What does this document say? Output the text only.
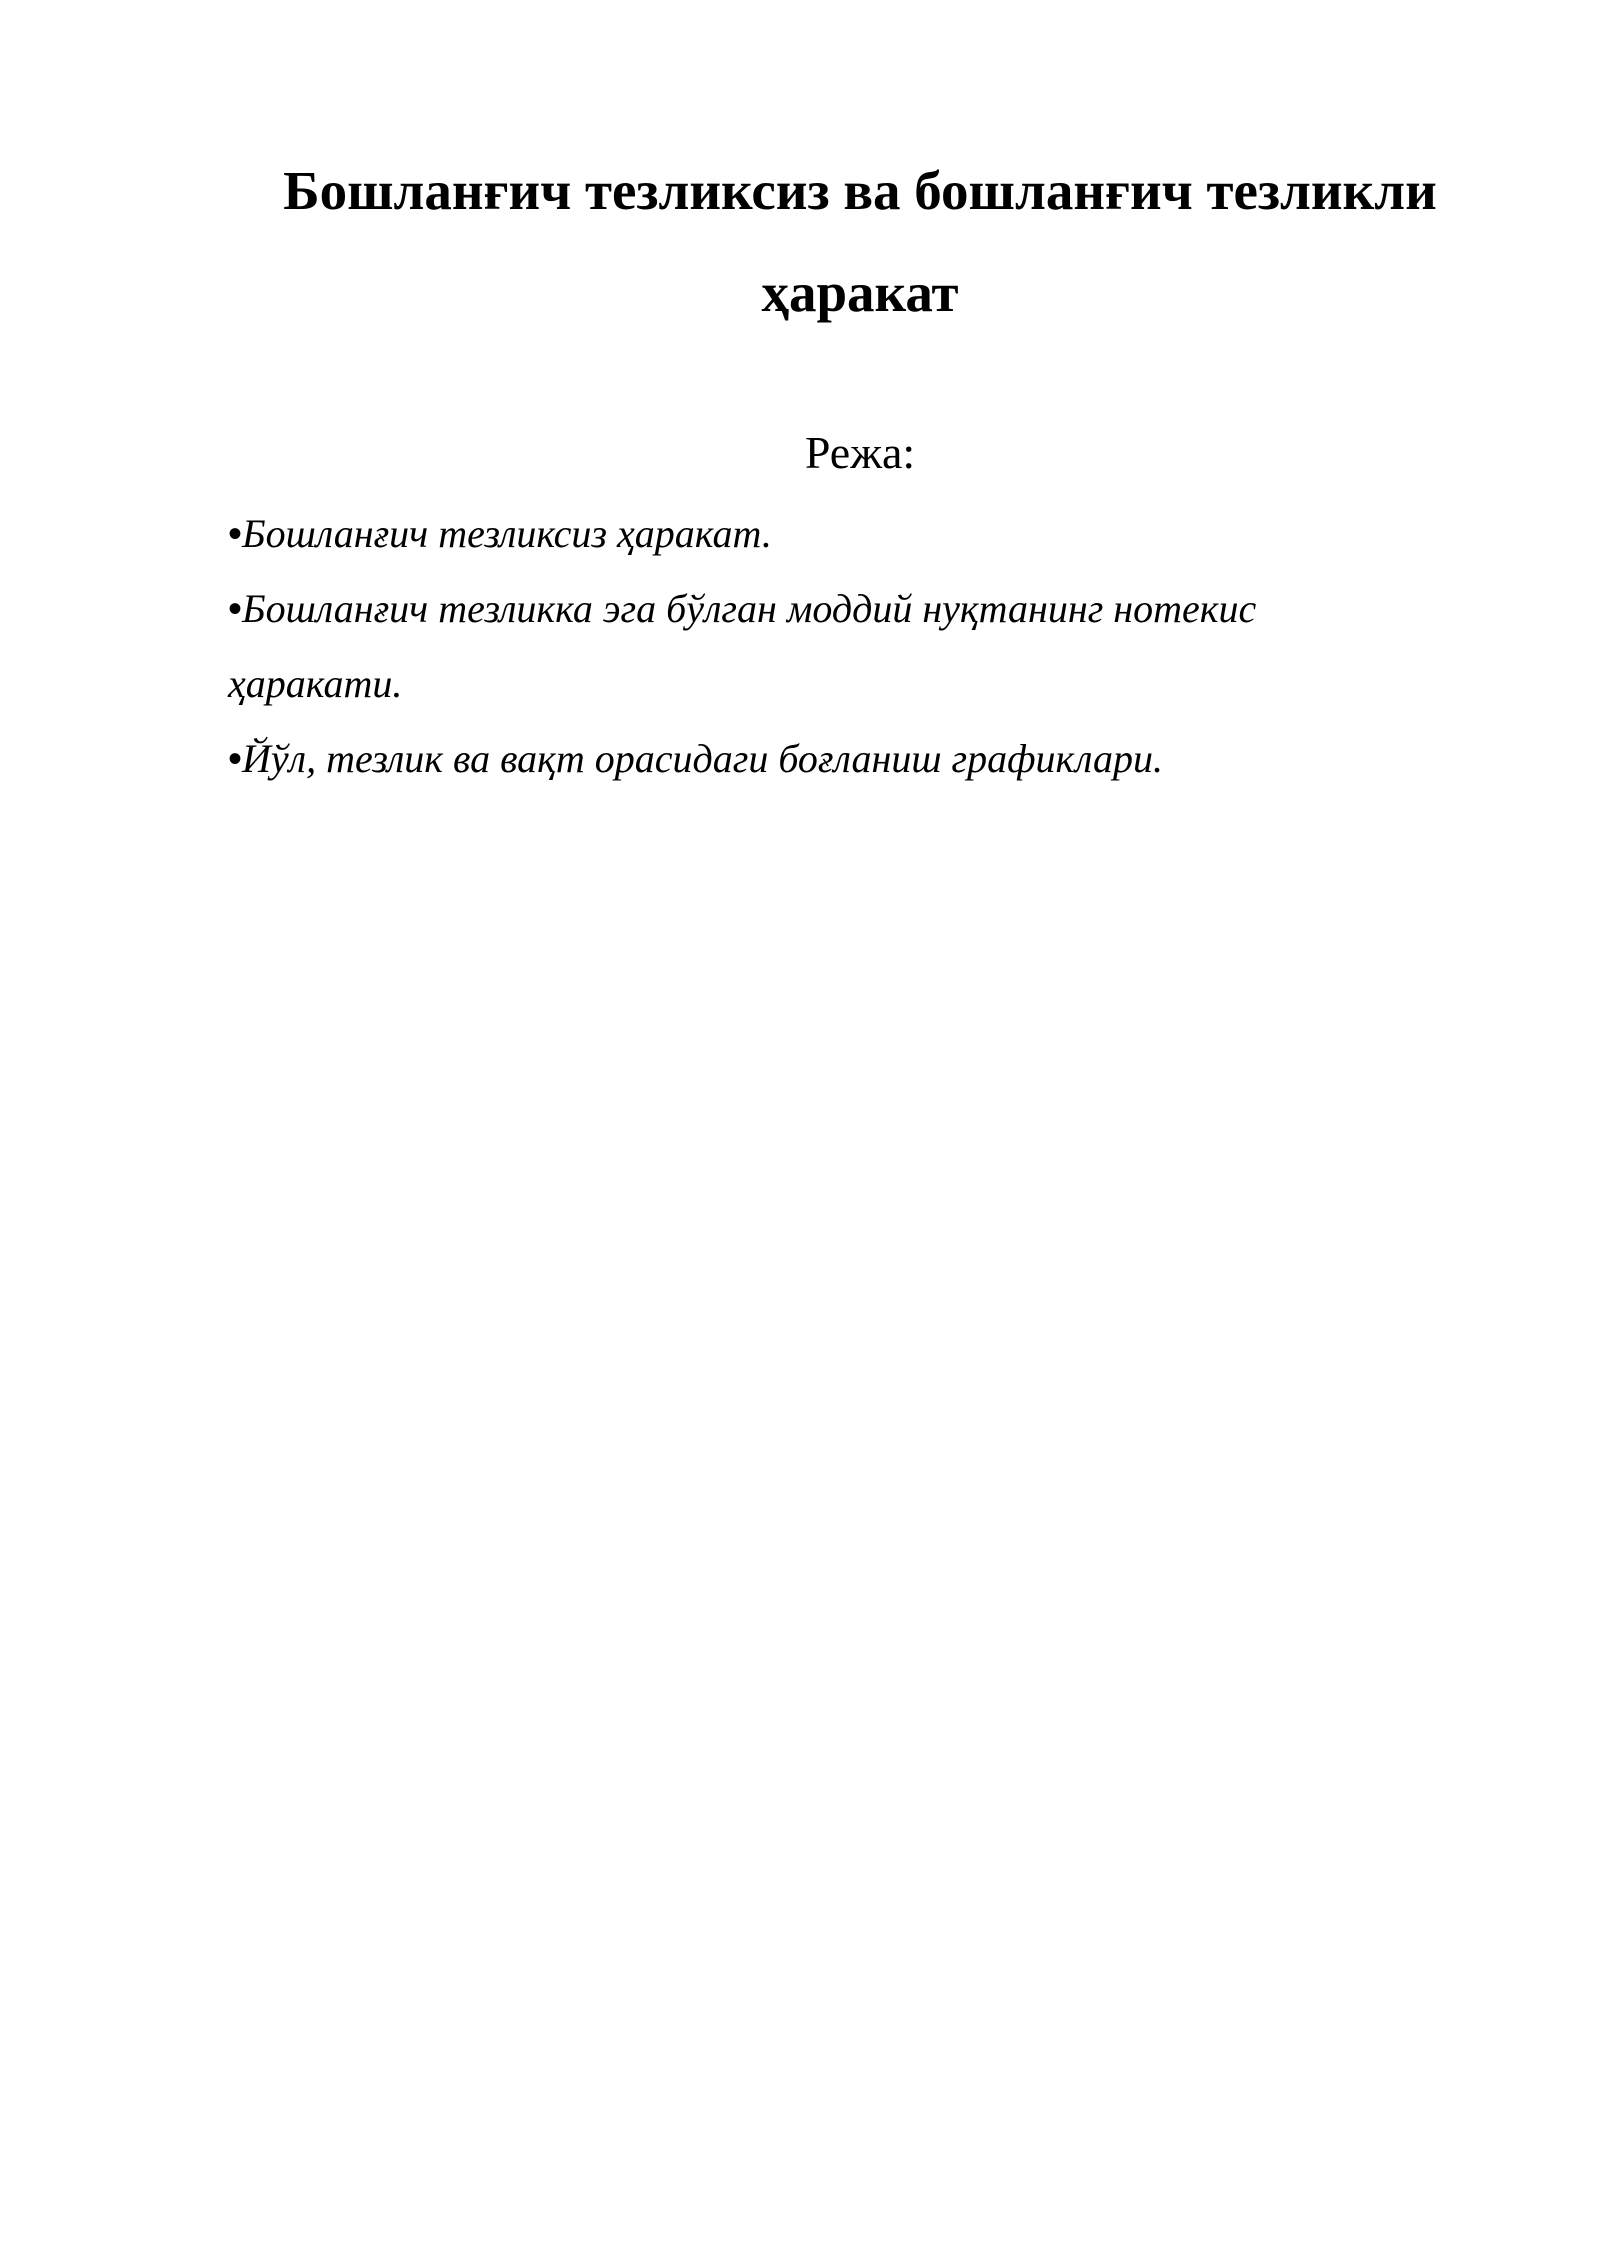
Бошланғич тезликсиз ва бошланғич тезликли ҳаракат

Режа:

•Бошланғич тезликсиз ҳаракат.
•Бошланғич тезликка эга бўлган моддий нуқтанинг нотекис ҳаракати.
•Йўл, тезлик ва вақт орасидаги боғланиш графиклари.
